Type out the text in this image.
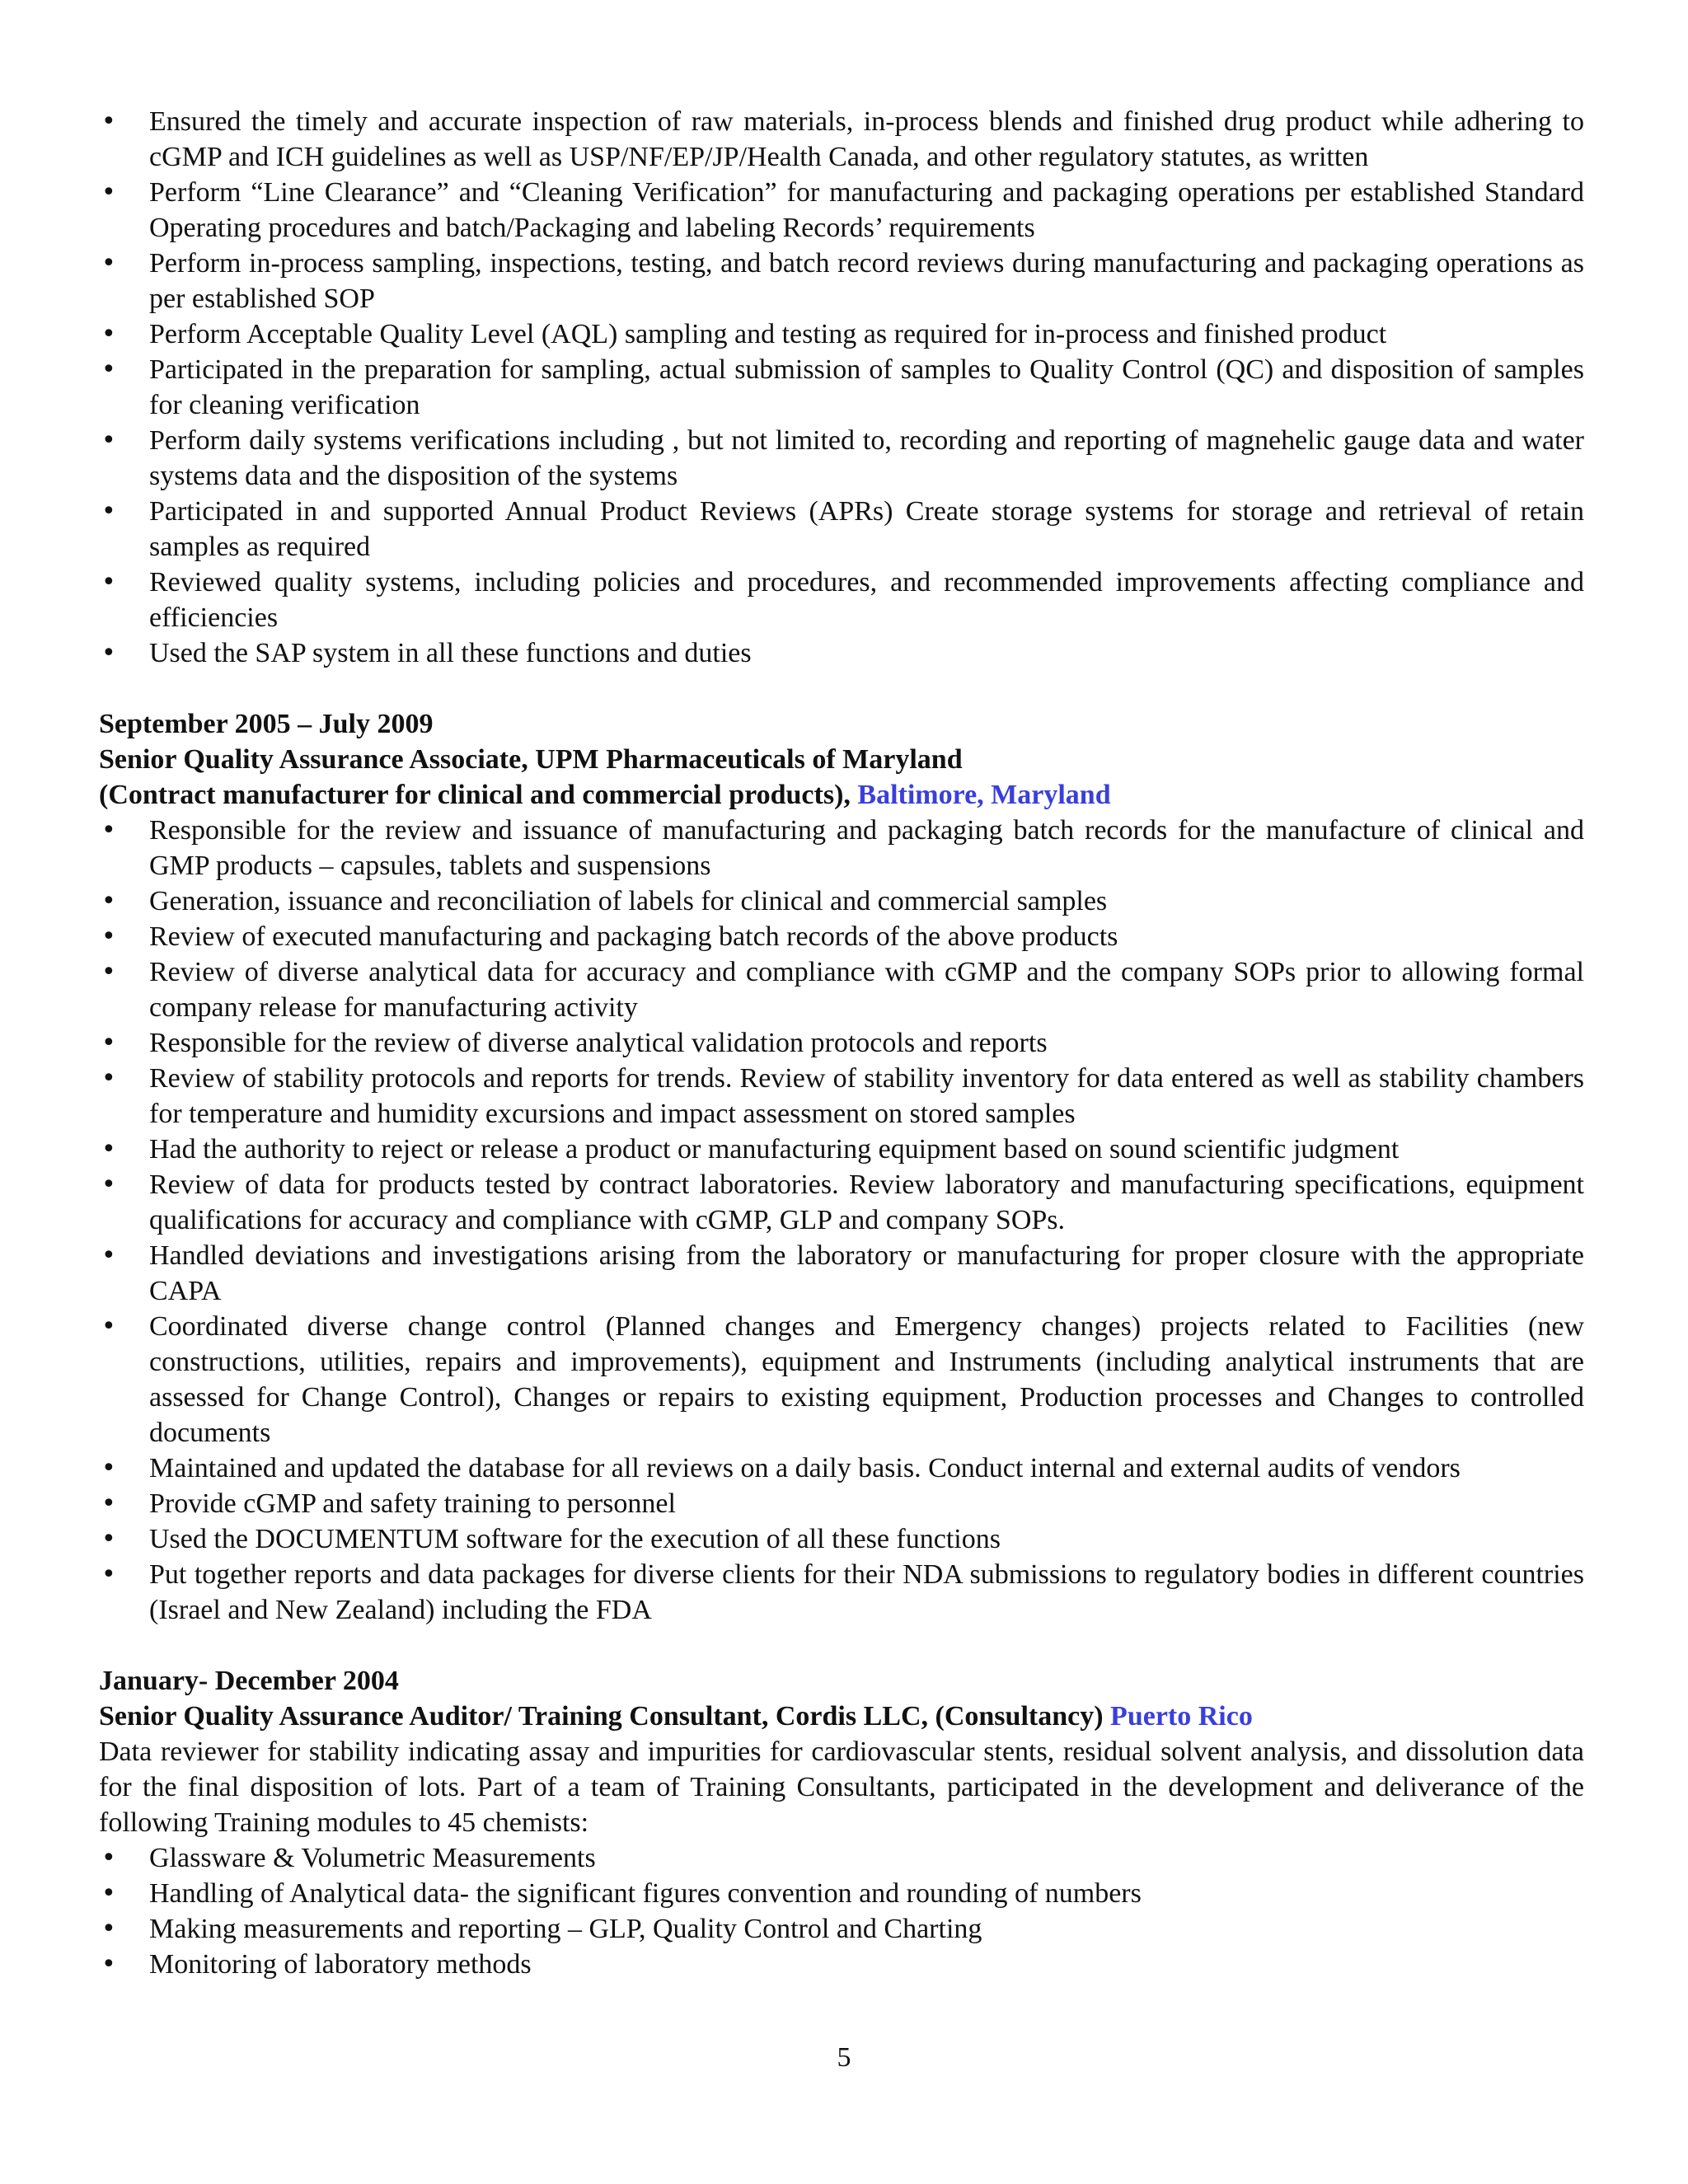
• Ensured the timely and accurate inspection of raw materials, in-process blends and finished drug product while adhering to cGMP and ICH guidelines as well as USP/NF/EP/JP/Health Canada, and other regulatory statutes, as written
• Perform “Line Clearance” and “Cleaning Verification” for manufacturing and packaging operations per established Standard Operating procedures and batch/Packaging and labeling Records’ requirements
• Perform in-process sampling, inspections, testing, and batch record reviews during manufacturing and packaging operations as per established SOP
• Perform Acceptable Quality Level (AQL) sampling and testing as required for in-process and finished product
• Participated in the preparation for sampling, actual submission of samples to Quality Control (QC) and disposition of samples for cleaning verification
• Perform daily systems verifications including , but not limited to, recording and reporting of magnehelic gauge data and water systems data and the disposition of the systems
• Participated in and supported Annual Product Reviews (APRs) Create storage systems for storage and retrieval of retain samples as required
• Reviewed quality systems, including policies and procedures, and recommended improvements affecting compliance and efficiencies
• Used the SAP system in all these functions and duties
September 2005 – July 2009
Senior Quality Assurance Associate, UPM Pharmaceuticals of Maryland
(Contract manufacturer for clinical and commercial products), Baltimore, Maryland
• Responsible for the review and issuance of manufacturing and packaging batch records for the manufacture of clinical and GMP products – capsules, tablets and suspensions
• Generation, issuance and reconciliation of labels for clinical and commercial samples
• Review of executed manufacturing and packaging batch records of the above products
• Review of diverse analytical data for accuracy and compliance with cGMP and the company SOPs prior to allowing formal company release for manufacturing activity
• Responsible for the review of diverse analytical validation protocols and reports
• Review of stability protocols and reports for trends. Review of stability inventory for data entered as well as stability chambers for temperature and humidity excursions and impact assessment on stored samples
• Had the authority to reject or release a product or manufacturing equipment based on sound scientific judgment
• Review of data for products tested by contract laboratories. Review laboratory and manufacturing specifications, equipment qualifications for accuracy and compliance with cGMP, GLP and company SOPs.
• Handled deviations and investigations arising from the laboratory or manufacturing for proper closure with the appropriate CAPA
• Coordinated diverse change control (Planned changes and Emergency changes) projects related to Facilities (new constructions, utilities, repairs and improvements), equipment and Instruments (including analytical instruments that are assessed for Change Control), Changes or repairs to existing equipment, Production processes and Changes to controlled documents
• Maintained and updated the database for all reviews on a daily basis. Conduct internal and external audits of vendors
• Provide cGMP and safety training to personnel
• Used the DOCUMENTUM software for the execution of all these functions
• Put together reports and data packages for diverse clients for their NDA submissions to regulatory bodies in different countries (Israel and New Zealand) including the FDA
January- December 2004
Senior Quality Assurance Auditor/ Training Consultant, Cordis LLC, (Consultancy) Puerto Rico
Data reviewer for stability indicating assay and impurities for cardiovascular stents, residual solvent analysis, and dissolution data for the final disposition of lots. Part of a team of Training Consultants, participated in the development and deliverance of the following Training modules to 45 chemists:
• Glassware & Volumetric Measurements
• Handling of Analytical data- the significant figures convention and rounding of numbers
• Making measurements and reporting – GLP, Quality Control and Charting
• Monitoring of laboratory methods
5
